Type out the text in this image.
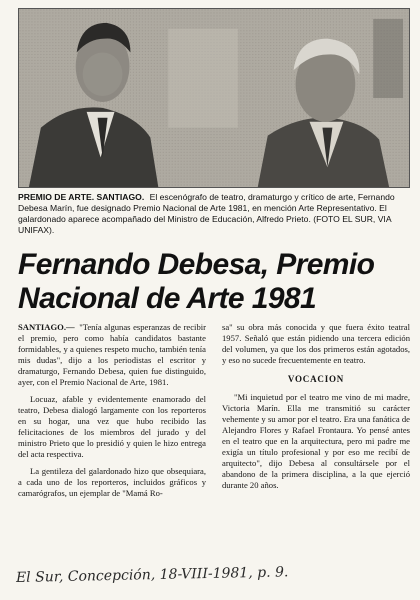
PREMIO DE ARTE. SANTIAGO. El escenógrafo de teatro, dramaturgo y crítico de arte, Fernando Debesa Marín, fue designado Premio Nacional de Arte 1981, en mención Arte Representativo. El galardonado aparece acompañado del Ministro de Educación, Alfredo Prieto. (FOTO EL SUR, VIA UNIFAX).
Fernando Debesa, Premio Nacional de Arte 1981

SANTIAGO.— "Tenía algunas esperanzas de recibir el premio, pero como había candidatos bastante formidables, y a quienes respeto mucho, también tenía mis dudas", dijo a los periodistas el escritor y dramaturgo, Fernando Debesa, quien fue distinguido, ayer, con el Premio Nacional de Arte, 1981.

Locuaz, afable y evidentemente enamorado del teatro, Debesa dialogó largamente con los reporteros en su hogar, una vez que hubo recibido las felicitaciones de los miembros del jurado y del ministro Prieto que lo presidió y quien le hizo entrega del acta respectiva.

La gentileza del galardonado hizo que obsequiara, a cada uno de los reporteros, incluidos gráficos y camarógrafos, un ejemplar de "Mamá Ro-

sa" su obra más conocida y que fuera éxito teatral 1957. Señaló que están pidiendo una tercera edición del volumen, ya que los dos primeros están agotados, y eso no sucede frecuentemente en teatro.

VOCACION

"Mi inquietud por el teatro me vino de mi madre, Victoria Marín. Ella me transmitió su carácter vehemente y su amor por el teatro. Era una fanática de Alejandro Flores y Rafael Frontaura. Yo pensé antes en el teatro que en la arquitectura, pero mi padre me exigía un título profesional y por eso me recibí de arquitecto", dijo Debesa al consultársele por el abandono de la primera disciplina, a la que ejerció durante 20 años.

El Sur, Concepción, 18-VIII-1981, p. 9.
